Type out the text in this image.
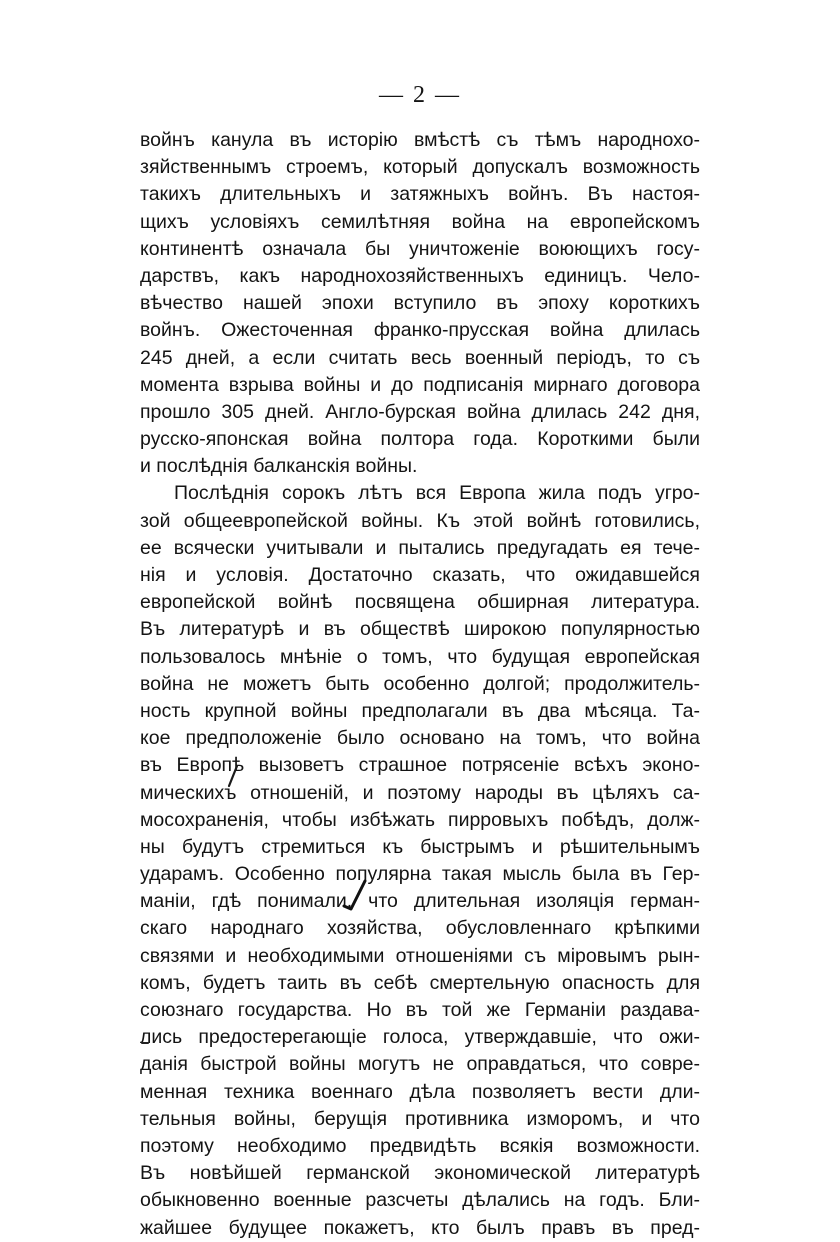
— 2 —
войнъ канула въ исторію вмѣстѣ съ тѣмъ народнохо-
зяйственнымъ строемъ, который допускалъ возможность
такихъ длительныхъ и затяжныхъ войнъ. Въ настоя-
щихъ условіяхъ семилѣтняя война на европейскомъ
континентѣ означала бы уничтоженіе воюющихъ госу-
дарствъ, какъ народнохозяйственныхъ единицъ. Чело-
вѣчество нашей эпохи вступило въ эпоху короткихъ
войнъ. Ожесточенная франко-прусская война длилась
245 дней, а если считать весь военный періодъ, то съ
момента взрыва войны и до подписанія мирнаго договора
прошло 305 дней. Англо-бурская война длилась 242 дня,
русско-японская война полтора года. Короткими были
и послѣднія балканскія войны.
Послѣднія сорокъ лѣтъ вся Европа жила подъ угро-
зой общеевропейской войны. Къ этой войнѣ готовились,
ее всячески учитывали и пытались предугадать ея тече-
нія и условія. Достаточно сказать, что ожидавшейся
европейской войнѣ посвящена обширная литература.
Въ литературѣ и въ обществѣ широкою популярностью
пользовалось мнѣніе о томъ, что будущая европейская
война не можетъ быть особенно долгой; продолжитель-
ность крупной войны предполагали въ два мѣсяца. Та-
кое предположеніе было основано на томъ, что война
въ Европѣ вызоветъ страшное потрясеніе всѣхъ эконо-
мическихъ отношеній, и поэтому народы въ цѣляхъ са-
мосохраненія, чтобы избѣжать пирровыхъ побѣдъ, долж-
ны будутъ стремиться къ быстрымъ и рѣшительнымъ
ударамъ. Особенно популярна такая мысль была въ Гер-
маніи, гдѣ понимали, что длительная изоляція герман-
скаго народнаго хозяйства, обусловленнаго крѣпкими
связями и необходимыми отношеніями съ міровымъ рын-
комъ, будетъ таить въ себѣ смертельную опасность для
союзнаго государства. Но въ той же Германіи раздава-
лись предостерегающіе голоса, утверждавшіе, что ожи-
данія быстрой войны могутъ не оправдаться, что совре-
менная техника военнаго дѣла позволяетъ вести дли-
тельныя войны, берущія противника изморомъ, и что
поэтому необходимо предвидѣть всякія возможности.
Въ новѣйшей германской экономической литературѣ
обыкновенно военные разсчеты дѣлались на годъ. Бли-
жайшее будущее покажетъ, кто былъ правъ въ пред-
